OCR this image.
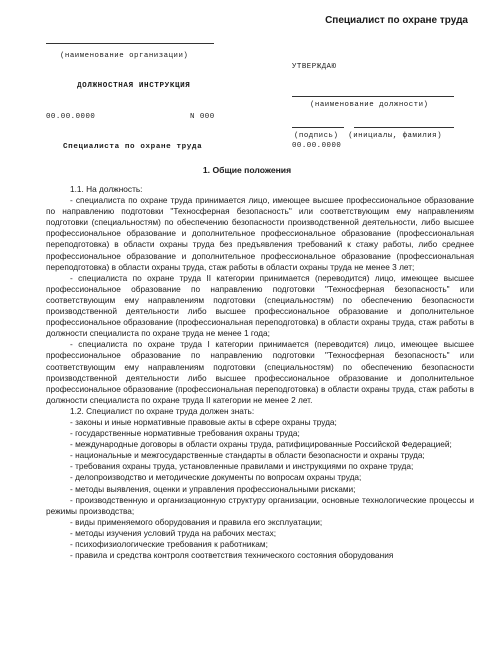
Специалист по охране труда
(наименование организации)
УТВЕРЖДАЮ
ДОЛЖНОСТНАЯ ИНСТРУКЦИЯ
(наименование должности)
00.00.0000	N 000
(подпись)  (инициалы, фамилия)
Специалиста по охране труда	00.00.0000
1. Общие положения

1.1. На должность:

- специалиста по охране труда принимается лицо, имеющее высшее профессиональное образование по направлению подготовки "Техносферная безопасность" или соответствующим ему направлениям подготовки (специальностям) по обеспечению безопасности производственной деятельности, либо высшее профессиональное образование и дополнительное профессиональное образование (профессиональная переподготовка) в области охраны труда без предъявления требований к стажу работы, либо среднее профессиональное образование и дополнительное профессиональное образование (профессиональная переподготовка) в области охраны труда, стаж работы в области охраны труда не менее 3 лет;

- специалиста по охране труда II категории принимается (переводится) лицо, имеющее высшее профессиональное образование по направлению подготовки "Техносферная безопасность" или соответствующим ему направлениям подготовки (специальностям) по обеспечению безопасности производственной деятельности либо высшее профессиональное образование и дополнительное профессиональное образование (профессиональная переподготовка) в области охраны труда, стаж работы в должности специалиста по охране труда не менее 1 года;

- специалиста по охране труда I категории принимается (переводится) лицо, имеющее высшее профессиональное образование по направлению подготовки "Техносферная безопасность" или соответствующим ему направлениям подготовки (специальностям) по обеспечению безопасности производственной деятельности либо высшее профессиональное образование и дополнительное профессиональное образование (профессиональная переподготовка) в области охраны труда, стаж работы в должности специалиста по охране труда II категории не менее 2 лет.

1.2. Специалист по охране труда должен знать:

- законы и иные нормативные правовые акты в сфере охраны труда;

- государственные нормативные требования охраны труда;

- международные договоры в области охраны труда, ратифицированные Российской Федерацией;

- национальные и межгосударственные стандарты в области безопасности и охраны труда;

- требования охраны труда, установленные правилами и инструкциями по охране труда;

- делопроизводство и методические документы по вопросам охраны труда;

- методы выявления, оценки и управления профессиональными рисками;

- производственную и организационную структуру организации, основные технологические процессы и режимы производства;

- виды применяемого оборудования и правила его эксплуатации;

- методы изучения условий труда на рабочих местах;

- психофизиологические требования к работникам;

- правила и средства контроля соответствия технического состояния оборудования
